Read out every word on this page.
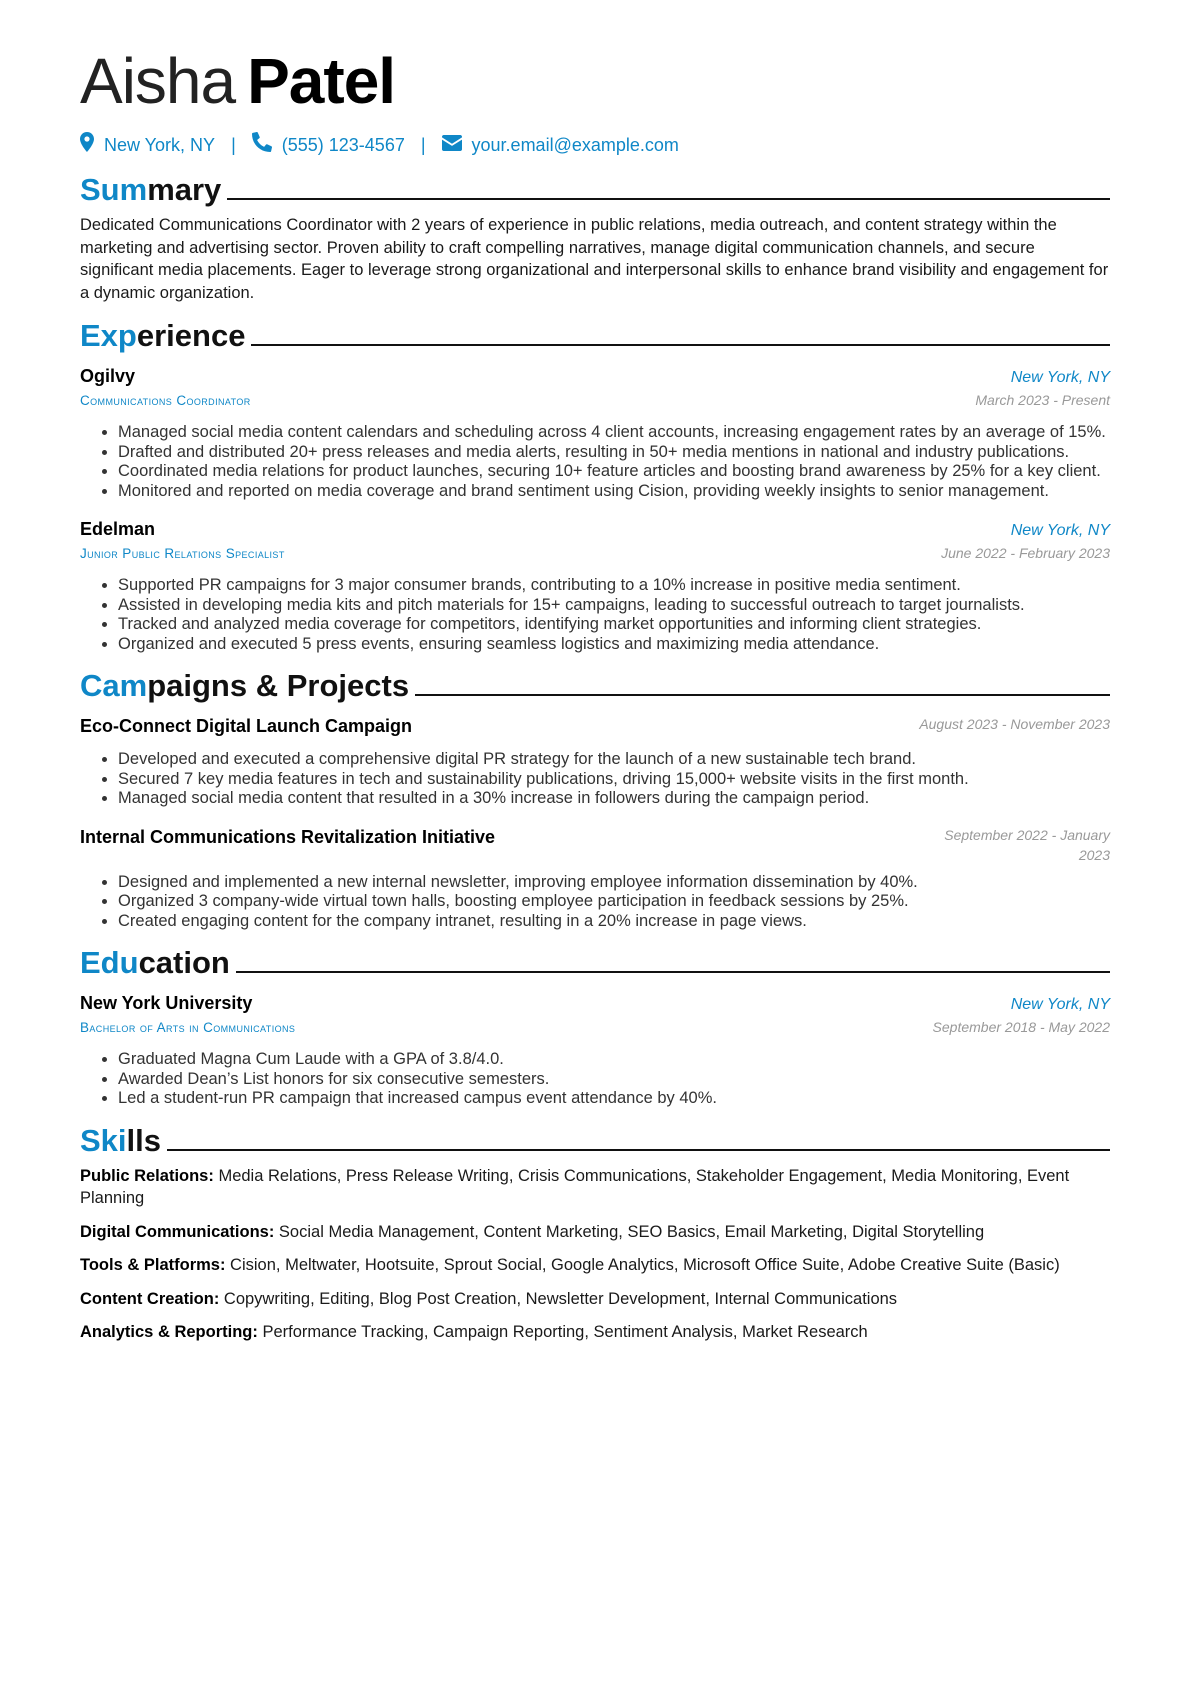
Aisha Patel
New York, NY |	(555) 123-4567 |	your.email@example.com
Summary
Dedicated Communications Coordinator with 2 years of experience in public relations, media outreach, and content strategy within the marketing and advertising sector. Proven ability to craft compelling narratives, manage digital communication channels, and secure significant media placements. Eager to leverage strong organizational and interpersonal skills to enhance brand visibility and engagement for a dynamic organization.
Experience
Ogilvy	New York, NY
Communications Coordinator	March 2023 - Present
• Managed social media content calendars and scheduling across 4 client accounts, increasing engagement rates by an average of 15%.
• Drafted and distributed 20+ press releases and media alerts, resulting in 50+ media mentions in national and industry publications.
• Coordinated media relations for product launches, securing 10+ feature articles and boosting brand awareness by 25% for a key client.
• Monitored and reported on media coverage and brand sentiment using Cision, providing weekly insights to senior management.
Edelman	New York, NY
Junior Public Relations Specialist	June 2022 - February 2023
• Supported PR campaigns for 3 major consumer brands, contributing to a 10% increase in positive media sentiment.
• Assisted in developing media kits and pitch materials for 15+ campaigns, leading to successful outreach to target journalists.
• Tracked and analyzed media coverage for competitors, identifying market opportunities and informing client strategies.
• Organized and executed 5 press events, ensuring seamless logistics and maximizing media attendance.
Campaigns & Projects
Eco-Connect Digital Launch Campaign	August 2023 - November 2023
• Developed and executed a comprehensive digital PR strategy for the launch of a new sustainable tech brand.
• Secured 7 key media features in tech and sustainability publications, driving 15,000+ website visits in the first month.
• Managed social media content that resulted in a 30% increase in followers during the campaign period.
Internal Communications Revitalization Initiative	September 2022 - January 2023
• Designed and implemented a new internal newsletter, improving employee information dissemination by 40%.
• Organized 3 company-wide virtual town halls, boosting employee participation in feedback sessions by 25%.
• Created engaging content for the company intranet, resulting in a 20% increase in page views.
Education
New York University	New York, NY
Bachelor of Arts in Communications	September 2018 - May 2022
• Graduated Magna Cum Laude with a GPA of 3.8/4.0.
• Awarded Dean’s List honors for six consecutive semesters.
• Led a student-run PR campaign that increased campus event attendance by 40%.
Skills
Public Relations: Media Relations, Press Release Writing, Crisis Communications, Stakeholder Engagement, Media Monitoring, Event Planning
Digital Communications: Social Media Management, Content Marketing, SEO Basics, Email Marketing, Digital Storytelling
Tools & Platforms: Cision, Meltwater, Hootsuite, Sprout Social, Google Analytics, Microsoft Office Suite, Adobe Creative Suite (Basic)
Content Creation: Copywriting, Editing, Blog Post Creation, Newsletter Development, Internal Communications
Analytics & Reporting: Performance Tracking, Campaign Reporting, Sentiment Analysis, Market Research
